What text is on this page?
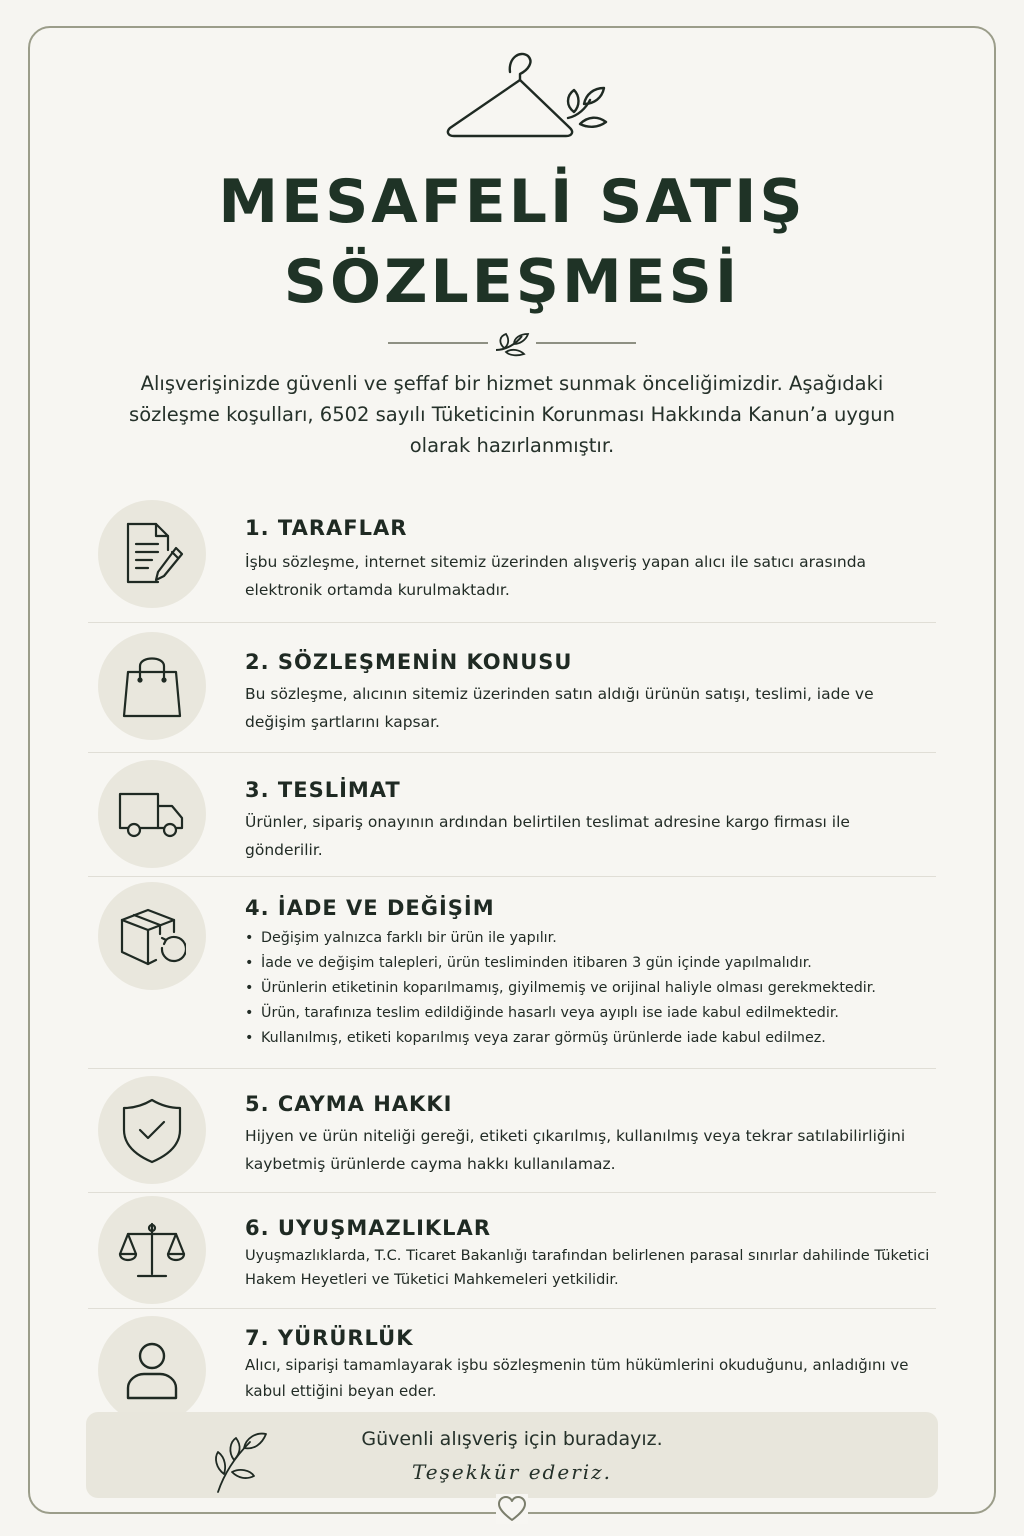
MESAFELİ SATIŞ
SÖZLEŞMESİ

Alışverişinizde güvenli ve şeffaf bir hizmet sunmak önceliğimizdir. Aşağıdaki sözleşme koşulları, 6502 sayılı Tüketicinin Korunması Hakkında Kanun’a uygun olarak hazırlanmıştır.

1. TARAFLAR

İşbu sözleşme, internet sitemiz üzerinden alışveriş yapan alıcı ile satıcı arasında elektronik ortamda kurulmaktadır.

2. SÖZLEŞMENİN KONUSU

Bu sözleşme, alıcının sitemiz üzerinden satın aldığı ürünün satışı, teslimi, iade ve değişim şartlarını kapsar.

3. TESLİMAT

Ürünler, sipariş onayının ardından belirtilen teslimat adresine kargo firması ile gönderilir.

4. İADE VE DEĞİŞİM
• Değişim yalnızca farklı bir ürün ile yapılır.
• İade ve değişim talepleri, ürün tesliminden itibaren 3 gün içinde yapılmalıdır.
• Ürünlerin etiketinin koparılmamış, giyilmemiş ve orijinal haliyle olması gerekmektedir.
• Ürün, tarafınıza teslim edildiğinde hasarlı veya ayıplı ise iade kabul edilmektedir.
• Kullanılmış, etiketi koparılmış veya zarar görmüş ürünlerde iade kabul edilmez.
5. CAYMA HAKKI

Hijyen ve ürün niteliği gereği, etiketi çıkarılmış, kullanılmış veya tekrar satılabilirliğini kaybetmiş ürünlerde cayma hakkı kullanılamaz.

6. UYUŞMAZLIKLAR

Uyuşmazlıklarda, T.C. Ticaret Bakanlığı tarafından belirlenen parasal sınırlar dahilinde Tüketici Hakem Heyetleri ve Tüketici Mahkemeleri yetkilidir.

7. YÜRÜRLÜK

Alıcı, siparişi tamamlayarak işbu sözleşmenin tüm hükümlerini okuduğunu, anladığını ve kabul ettiğini beyan eder.

Güvenli alışveriş için buradayız.

Teşekkür ederiz.
